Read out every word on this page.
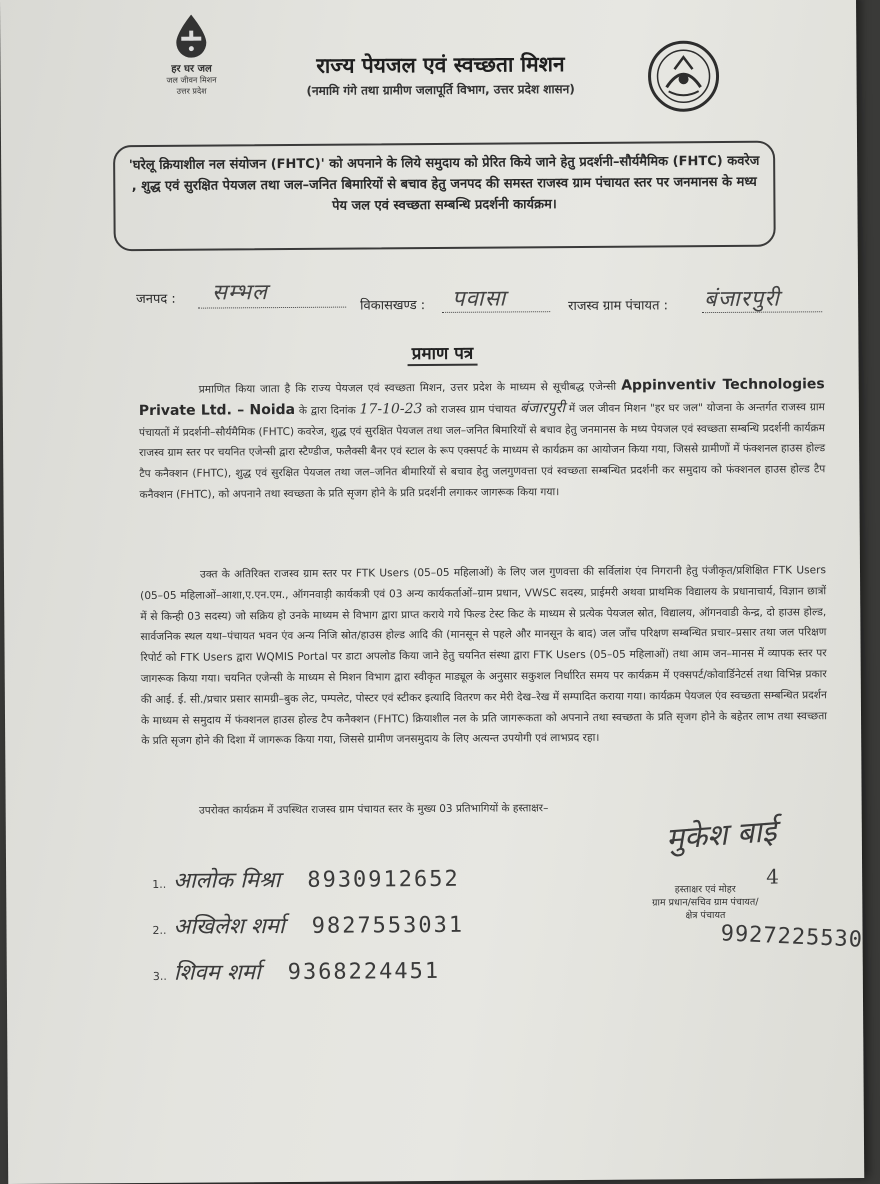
हर घर जल
जल जीवन मिशन
उत्तर प्रदेश
राज्य पेयजल एवं स्वच्छता मिशन
(नमामि गंगे तथा ग्रामीण जलापूर्ति विभाग, उत्तर प्रदेश शासन)
'घरेलू क्रियाशील नल संयोजन (FHTC)' को अपनाने के लिये समुदाय को प्रेरित किये जाने हेतु प्रदर्शनी–सौर्यमैमिक (FHTC) कवरेज , शुद्ध एवं सुरक्षित पेयजल तथा जल–जनित बिमारियों से बचाव हेतु जनपद की समस्त राजस्व ग्राम पंचायत स्तर पर जनमानस के मध्य पेय जल एवं स्वच्छता सम्बन्धि प्रदर्शनी कार्यक्रम।
जनपद : सम्भल
विकासखण्ड : पवासा	राजस्व ग्राम पंचायत : बंजारपुरी
प्रमाण पत्र
प्रमाणित किया जाता है कि राज्य पेयजल एवं स्वच्छता मिशन, उत्तर प्रदेश के माध्यम से सूचीबद्ध एजेन्सी Appinventiv Technologies Private Ltd. – Noida के द्वारा दिनांक 17-10-23 को राजस्व ग्राम पंचायत बंजारपुरी में जल जीवन मिशन "हर घर जल" योजना के अन्तर्गत राजस्व ग्राम पंचायतों में प्रदर्शनी–सौर्यमैमिक (FHTC) कवरेज, शुद्ध एवं सुरक्षित पेयजल तथा जल–जनित बिमारियों से बचाव हेतु जनमानस के मध्य पेयजल एवं स्वच्छता सम्बन्धि प्रदर्शनी कार्यक्रम राजस्व ग्राम स्तर पर चयनित एजेन्सी द्वारा स्टैण्डीज, फलैक्सी बैनर एवं स्टाल के रूप एक्सपर्ट के माध्यम से कार्यक्रम का आयोजन किया गया, जिससे ग्रामीणों में फंक्शनल हाउस होल्ड टैप कनैक्शन (FHTC), शुद्ध एवं सुरक्षित पेयजल तथा जल–जनित बीमारियों से बचाव हेतु जलगुणवत्ता एवं स्वच्छता सम्बन्धित प्रदर्शनी कर समुदाय को फंक्शनल हाउस होल्ड टैप कनैक्शन (FHTC), को अपनाने तथा स्वच्छता के प्रति सृजग होने के प्रति प्रदर्शनी लगाकर जागरूक किया गया।
उक्त के अतिरिक्त राजस्व ग्राम स्तर पर FTK Users (05–05 महिलाओं) के लिए जल गुणवत्ता की सर्विलांश एंव निगरानी हेतु पंजीकृत/प्रशिक्षित FTK Users (05–05 महिलाओं–आशा,ए.एन.एम., ऑगनवाड़ी कार्यकत्री एवं 03 अन्य कार्यकर्ताओं–ग्राम प्रधान, VWSC सदस्य, प्राईमरी अथवा प्राथमिक विद्यालय के प्रधानाचार्य, विज्ञान छात्रों में से किन्ही 03 सदस्य) जो सक्रिय हो उनके माध्यम से विभाग द्वारा प्राप्त कराये गये फिल्ड टेस्ट किट के माध्यम से प्रत्येक पेयजल स्रोत, विद्यालय, ऑगनवाडी केन्द्र, दो हाउस होल्ड, सार्वजनिक स्थल यथा–पंचायत भवन एंव अन्य निजि स्रोत/हाउस होल्ड आदि की (मानसून से पहले और मानसून के बाद) जल जाँच परिक्षण सम्बन्धित प्रचार–प्रसार तथा जल परिक्षण रिपोर्ट को FTK Users द्वारा WQMIS Portal पर डाटा अपलोड किया जाने हेतु चयनित संस्था द्वारा FTK Users (05–05 महिलाओं) तथा आम जन–मानस में व्यापक स्तर पर जागरूक किया गया। चयनित एजेन्सी के माध्यम से मिशन विभाग द्वारा स्वीकृत माड्यूल के अनुसार सकुशल निर्धारित समय पर कार्यक्रम में एक्सपर्ट/कोवार्डिनेटर्स तथा विभिन्न प्रकार की आई. ई. सी./प्रचार प्रसार सामग्री–बुक लेट, पम्पलेट, पोस्टर एवं स्टीकर इत्यादि वितरण कर मेरी देख–रेख में सम्पादित कराया गया। कार्यक्रम पेयजल एंव स्वच्छता सम्बन्धित प्रदर्शन के माध्यम से समुदाय में फंक्शनल हाउस होल्ड टैप कनैक्शन (FHTC) क्रियाशील नल के प्रति जागरूकता को अपनाने तथा स्वच्छता के प्रति सृजग होने के बहेतर लाभ तथा स्वच्छता के प्रति सृजग होने की दिशा में जागरूक किया गया, जिससे ग्रामीण जनसमुदाय के लिए अत्यन्त उपयोगी एवं लाभप्रद रहा।
उपरोक्त कार्यक्रम में उपस्थित राजस्व ग्राम पंचायत स्तर के मुख्य 03 प्रतिभागियों के हस्ताक्षर–
1.. आलोक मिश्रा 8930912652
2.. अखिलेश शर्मा 9827553031
3.. शिवम शर्मा 9368224451
मुकेश बाई
4
हस्ताक्षर एवं मोहर
ग्राम प्रधान/सचिव ग्राम पंचायत/
क्षेत्र पंचायत
9927225530
